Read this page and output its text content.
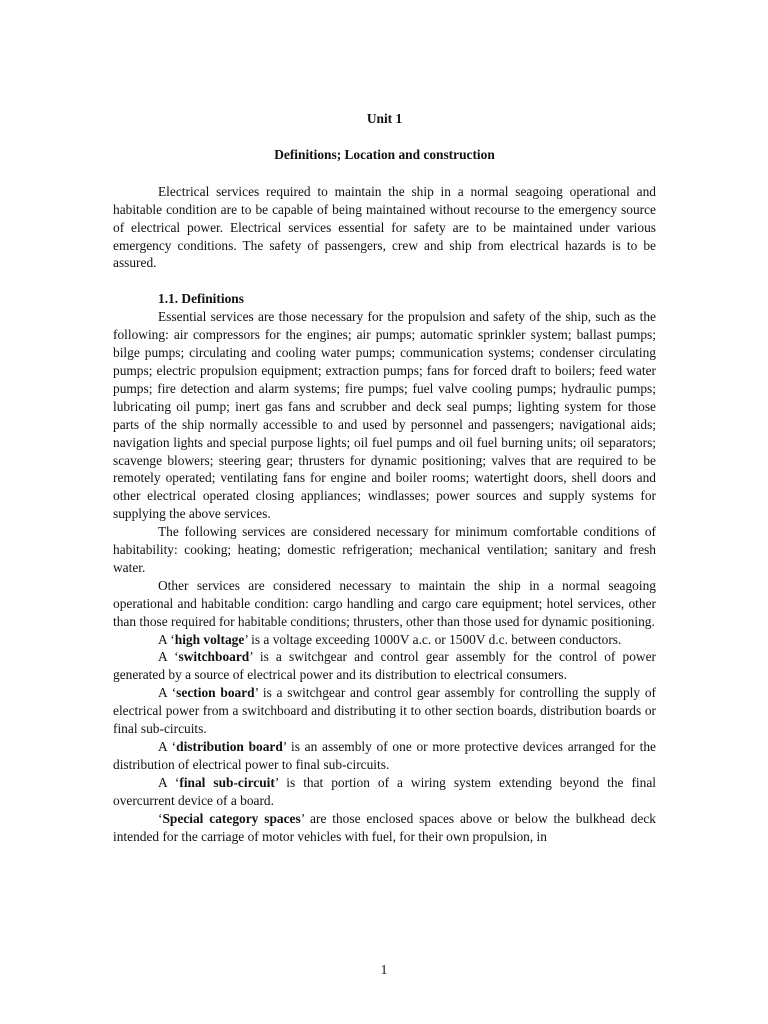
Unit 1
Definitions; Location and construction

Electrical services required to maintain the ship in a normal seagoing operational and habitable condition are to be capable of being maintained without recourse to the emergency source of electrical power. Electrical services essential for safety are to be maintained under various emergency conditions. The safety of passengers, crew and ship from electrical hazards is to be assured.

1.1. Definitions

Essential services are those necessary for the propulsion and safety of the ship, such as the following: air compressors for the engines; air pumps; automatic sprinkler system; ballast pumps; bilge pumps; circulating and cooling water pumps; communication systems; condenser circulating pumps; electric propulsion equipment; extraction pumps; fans for forced draft to boilers; feed water pumps; fire detection and alarm systems; fire pumps; fuel valve cooling pumps; hydraulic pumps; lubricating oil pump; inert gas fans and scrubber and deck seal pumps; lighting system for those parts of the ship normally accessible to and used by personnel and passengers; navigational aids; navigation lights and special purpose lights; oil fuel pumps and oil fuel burning units; oil separators; scavenge blowers; steering gear; thrusters for dynamic positioning; valves that are required to be remotely operated; ventilating fans for engine and boiler rooms; watertight doors, shell doors and other electrical operated closing appliances; windlasses; power sources and supply systems for supplying the above services.

The following services are considered necessary for minimum comfortable conditions of habitability: cooking; heating; domestic refrigeration; mechanical ventilation; sanitary and fresh water.

Other services are considered necessary to maintain the ship in a normal seagoing operational and habitable condition: cargo handling and cargo care equipment; hotel services, other than those required for habitable conditions; thrusters, other than those used for dynamic positioning.

A ‘high voltage’ is a voltage exceeding 1000V a.c. or 1500V d.c. between conductors.

A ‘switchboard’ is a switchgear and control gear assembly for the control of power generated by a source of electrical power and its distribution to electrical consumers.

A ‘section board’ is a switchgear and control gear assembly for controlling the supply of electrical power from a switchboard and distributing it to other section boards, distribution boards or final sub-circuits.

A ‘distribution board’ is an assembly of one or more protective devices arranged for the distribution of electrical power to final sub-circuits.

A ‘final sub-circuit’ is that portion of a wiring system extending beyond the final overcurrent device of a board.

‘Special category spaces’ are those enclosed spaces above or below the bulkhead deck intended for the carriage of motor vehicles with fuel, for their own propulsion, in

1
